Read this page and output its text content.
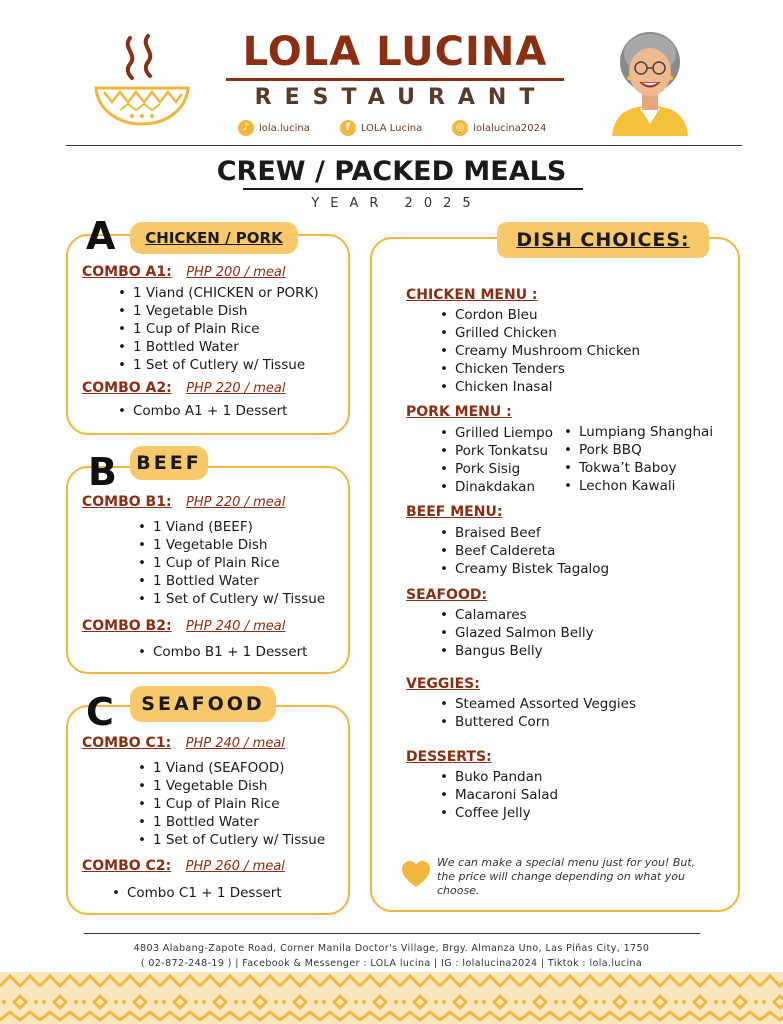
LOLA LUCINA
RESTAURANT
♪ lola.lucina	f	LOLA Lucina	◎ lolalucina2024
CREW / PACKED MEALS
YEAR 2025
A	CHICKEN / PORK
COMBO A1: PHP 200 / meal
• 1 Viand (CHICKEN or PORK)
• 1 Vegetable Dish
• 1 Cup of Plain Rice
• 1 Bottled Water
• 1 Set of Cutlery w/ Tissue
COMBO A2: PHP 220 / meal
• Combo A1 + 1 Dessert
B	BEEF
COMBO B1: PHP 220 / meal
• 1 Viand (BEEF)
• 1 Vegetable Dish
• 1 Cup of Plain Rice
• 1 Bottled Water
• 1 Set of Cutlery w/ Tissue
COMBO B2: PHP 240 / meal
• Combo B1 + 1 Dessert
C	SEAFOOD
COMBO C1: PHP 240 / meal
• 1 Viand (SEAFOOD)
• 1 Vegetable Dish
• 1 Cup of Plain Rice
• 1 Bottled Water
• 1 Set of Cutlery w/ Tissue
COMBO C2: PHP 260 / meal
• Combo C1 + 1 Dessert
DISH CHOICES:
CHICKEN MENU :
• Cordon Bleu
• Grilled Chicken
• Creamy Mushroom Chicken
• Chicken Tenders
• Chicken Inasal
PORK MENU :
• Grilled Liempo
• Pork Tonkatsu
• Pork Sisig
• Dinakdakan
• Lumpiang Shanghai
• Pork BBQ
• Tokwa’t Baboy
• Lechon Kawali
BEEF MENU:
• Braised Beef
• Beef Caldereta
• Creamy Bistek Tagalog
SEAFOOD:
• Calamares
• Glazed Salmon Belly
• Bangus Belly
VEGGIES:
• Steamed Assorted Veggies
• Buttered Corn
DESSERTS:
• Buko Pandan
• Macaroni Salad
• Coffee Jelly
We can make a special menu just for you! But, the price will change depending on what you choose.
4803 Alabang-Zapote Road, Corner Manila Doctor's Village, Brgy. Almanza Uno, Las Piñas City, 1750
( 02-872-248-19 ) | Facebook & Messenger : LOLA lucina | IG : lolalucina2024 | Tiktok : lola.lucina
